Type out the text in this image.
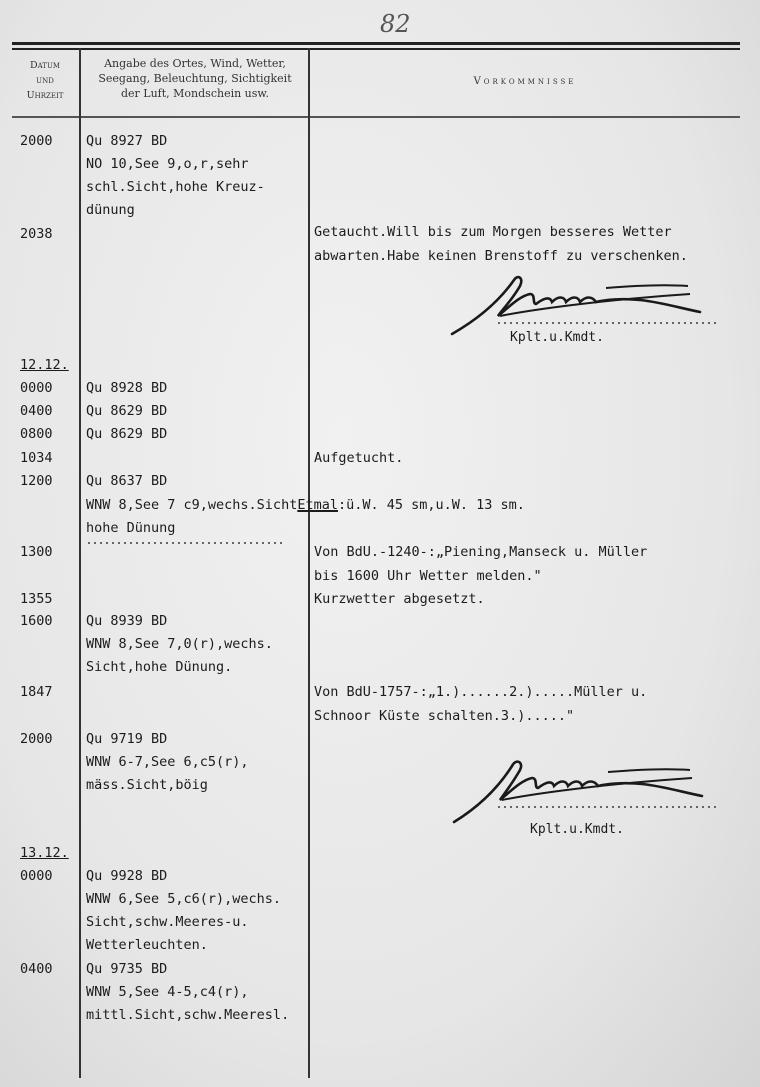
82
Datum
und
Uhrzeit
Angabe des Ortes, Wind, Wetter,
Seegang, Beleuchtung, Sichtigkeit
der Luft, Mondschein usw.
Vorkommnisse
2000 Qu 8927 BD
NO 10,See 9,o,r,sehr
schl.Sicht,hohe Kreuz-
dünung
2038	Getaucht.Will bis zum Morgen besseres Wetter
abwarten.Habe keinen Brenstoff zu verschenken.
Kplt.u.Kmdt.
12.12.
0000 Qu 8928 BD
0400 Qu 8629 BD
0800 Qu 8629 BD
1034	Aufgetucht.
1200 Qu 8637 BD
WNW 8,See 7 c9,wechs.SichtEtmal:ü.W. 45 sm,u.W. 13 sm.
hohe Dünung
1300	Von BdU.-1240-:„Piening,Manseck u. Müller
bis 1600 Uhr Wetter melden."
1355	Kurzwetter abgesetzt.
1600 Qu 8939 BD
WNW 8,See 7,0(r),wechs.
Sicht,hohe Dünung.
1847	Von BdU-1757-:„1.)......2.).....Müller u.
Schnoor Küste schalten.3.)....."
2000 Qu 9719 BD
WNW 6-7,See 6,c5(r),
mäss.Sicht,böig
Kplt.u.Kmdt.
13.12.
0000 Qu 9928 BD
WNW 6,See 5,c6(r),wechs.
Sicht,schw.Meeres-u.
Wetterleuchten.
0400 Qu 9735 BD
WNW 5,See 4-5,c4(r),
mittl.Sicht,schw.Meeresl.
